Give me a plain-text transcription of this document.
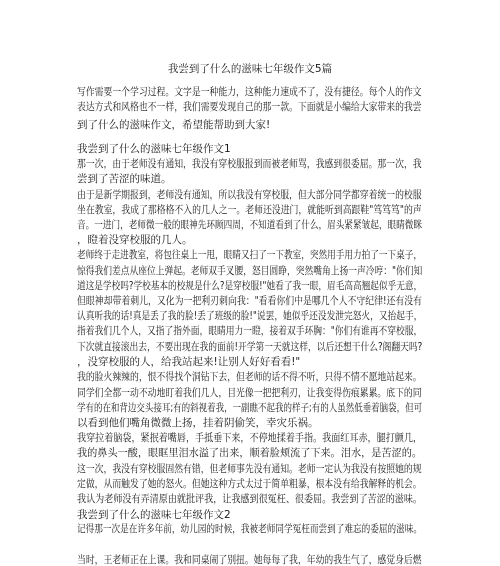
我尝到了什么的滋味七年级作文5篇
写作需要一个学习过程。文字是一种能力，这种能力速成不了，没有捷径。每个人的作文
表达方式和风格也不一样，我们需要发现自己的那一款。下面就是小编给大家带来的我尝
到了什么的滋味作文，希望能帮助到大家!
我尝到了什么的滋味七年级作文1
那一次，由于老师没有通知，我没有穿校服报到而被老师骂，我感到很委屈。那一次，我
尝到了苦涩的味道。
由于是新学期报到，老师没有通知，所以我没有穿校服，但大部分同学都穿着统一的校服
坐在教室，我成了那格格不入的几人之一。老师还没进门，就能听到高跟鞋"笃笃笃"的声
音。一进门，老师微一般的眼神先环顾四周，不知道看到了什么，眉头紧紧皱起，眼睛微眯
，瞪着没穿校服的几人。
老师终于走进教室，将包往桌上一甩，眼睛又扫了一下教室，突然用手用力拍了一下桌子，
惊得我们差点从座位上弹起。老师双手叉腰，怒目圆睁，突然嘴角上扬一声冷哼："你们知
道这是学校吗?学校基本的校规是什么?是穿校服!"她看了我一眼，眉毛高高翘起似乎无意，
但眼神却带着刺儿，又化为一把利刃刺向我："看看你们中是哪几个人不守纪律!还有没有
认真听我的话!真是丢了我的脸!丢了班级的脸!"说罢，她似乎还没发泄完怒火，又抬起手，
指着我们几个人，又指了指外面，眼睛用力一瞪，接着双手环胸："你们有谁再不穿校服，
下次就直接滚出去，不要出现在我的面前!开学第一天就这样，以后还想干什么?阁翻天吗?
，没穿校服的人，给我站起来!让别人好好看看!"
我的脸火辣辣的，恨不得找个洞钻下去，但老师的话不得不听，只得不情不愿地站起来。
同学们全都一动不动地盯着我们几人，目光像一把把利刃，让我变得伤痕累累。底下的同
学有的在和背边交头接耳;有的斜视着我，一副瞧不起我的样子;有的人虽然低垂着脑袋，但可
以看到他们嘴角微微上扬，挂着阴偷笑，幸灾乐祸。
我穿拉着脑袋，紧抿着嘴唇，手抵垂下来，不停地揉着手指。我面红耳赤，腿打颤几，
我的鼻头一酸，眼眶里泪水溢了出来，顺着脸颊流了下来。泪水，是苦涩的。
这一次，我没有穿校服固然有错，但老师事先没有通知。老师一定认为我没有按照她的规
定做，从而触发了她的怒火。但她这种方式太过于简单粗暴，根本没有给我解释的机会。
我认为老师没有弄清原由就批评我，让我感到很冤枉、很委屈。我尝到了苦涩的滋味。
我尝到了什么的滋味七年级作文2
记得那一次是在许多年前，幼儿园的时候，我被老师同学冤枉而尝到了难忘的委屈的滋味。
当时，王老师正在上课。我和同桌闹了别扭。她每每了我，年幼的我生气了，感觉身后燃
